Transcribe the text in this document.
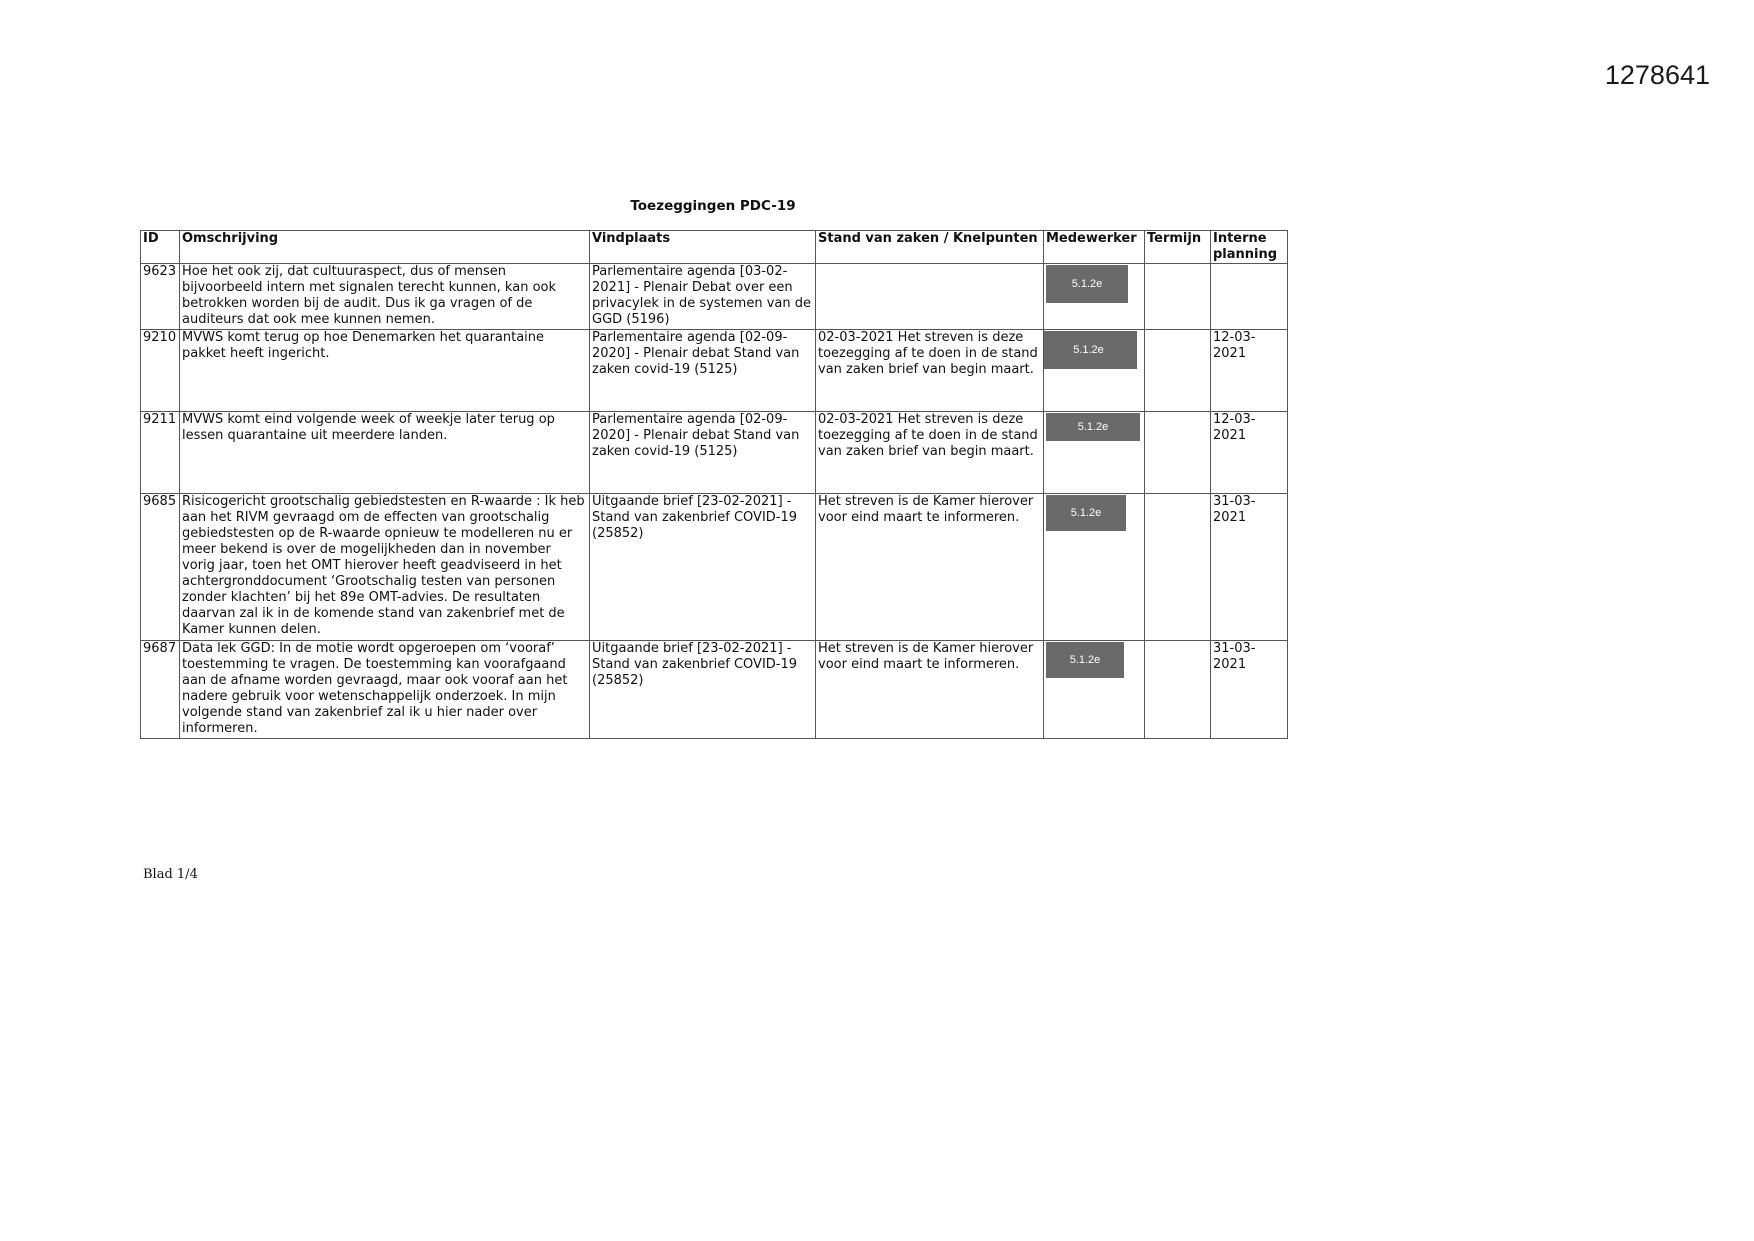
1278641
Toezeggingen PDC-19
ID	Omschrijving	Vindplaats	Stand van zaken / Knelpunten	Medewerker	Termijn	Interne planning
9623	Hoe het ook zij, dat cultuuraspect, dus of mensen bijvoorbeeld intern met signalen terecht kunnen, kan ook betrokken worden bij de audit. Dus ik ga vragen of de auditeurs dat ook mee kunnen nemen.	Parlementaire agenda [03-02-2021] - Plenair Debat over een privacylek in de systemen van de GGD (5196)		5.1.2e		
9210	MVWS komt terug op hoe Denemarken het quarantaine pakket heeft ingericht.	Parlementaire agenda [02-09-2020] - Plenair debat Stand van zaken covid-19 (5125)	02-03-2021 Het streven is deze toezegging af te doen in de stand van zaken brief van begin maart.	5.1.2e		12-03-2021
9211	MVWS komt eind volgende week of weekje later terug op lessen quarantaine uit meerdere landen.	Parlementaire agenda [02-09-2020] - Plenair debat Stand van zaken covid-19 (5125)	02-03-2021 Het streven is deze toezegging af te doen in de stand van zaken brief van begin maart.	5.1.2e		12-03-2021
9685	Risicogericht grootschalig gebiedstesten en R-waarde : Ik heb aan het RIVM gevraagd om de effecten van grootschalig gebiedstesten op de R-waarde opnieuw te modelleren nu er meer bekend is over de mogelijkheden dan in november vorig jaar, toen het OMT hierover heeft geadviseerd in het achtergronddocument ‘Grootschalig testen van personen zonder klachten’ bij het 89e OMT-advies. De resultaten daarvan zal ik in de komende stand van zakenbrief met de Kamer kunnen delen.	Uitgaande brief [23-02-2021] - Stand van zakenbrief COVID-19 (25852)	Het streven is de Kamer hierover voor eind maart te informeren.	5.1.2e		31-03-2021
9687	Data lek GGD: In de motie wordt opgeroepen om ‘vooraf’ toestemming te vragen. De toestemming kan voorafgaand aan de afname worden gevraagd, maar ook vooraf aan het nadere gebruik voor wetenschappelijk onderzoek. In mijn volgende stand van zakenbrief zal ik u hier nader over informeren.	Uitgaande brief [23-02-2021] - Stand van zakenbrief COVID-19 (25852)	Het streven is de Kamer hierover voor eind maart te informeren.	5.1.2e		31-03-2021
Blad 1/4
